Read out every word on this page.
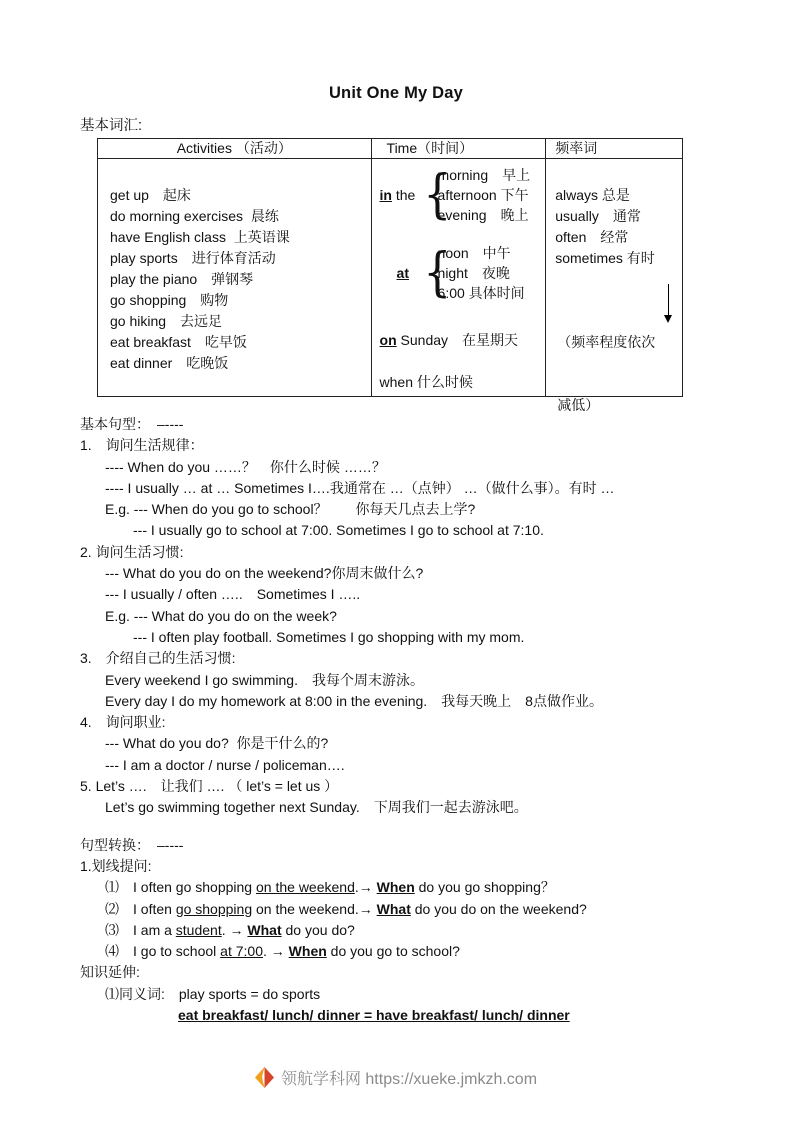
Unit One My Day
基本词汇:
Activities （活动）
get up　起床
do morning exercises  晨练
have English class  上英语课
play sports　进行体育活动
play the piano　弹钢琴
go shopping　购物
go hiking　去远足
eat breakfast　吃早饭
eat dinner　吃晚饭
Time（时间）
in the {
morning　早上
afternoon 下午
evening　晚上
at {
noon　中午
night　夜晚
6:00 具体时间
on Sunday　在星期天
when 什么时候
频率词
always 总是
usually　通常
often　经常
sometimes 有时

（频率程度依次

减低）

基本句型：　–----
1.　询问生活规律：
---- When do you ……？　你什么时候 ……？
---- I usually … at … Sometimes I….我通常在 …（点钟） …（做什么事）。有时 …
E.g. --- When do you go to school？　　你每天几点去上学?
--- I usually go to school at 7:00. Sometimes I go to school at 7:10.
2. 询问生活习惯:
--- What do you do on the weekend?你周末做什么?
--- I usually / often …..　Sometimes I …..
E.g. --- What do you do on the week?
--- I often play football. Sometimes I go shopping with my mom.
3.　介绍自己的生活习惯:
Every weekend I go swimming.　我每个周末游泳。
Every day I do my homework at 8:00 in the evening.　我每天晚上　8点做作业。
4.　询问职业:
--- What do you do?  你是干什么的?
--- I am a doctor / nurse / policeman….
5. Let’s ….　让我们 …. （ let’s = let us ）
Let’s go swimming together next Sunday.　下周我们一起去游泳吧。
句型转换：　–----
1.划线提问:
⑴　I often go shopping on the weekend.→ When do you go shopping？
⑵　I often go shopping on the weekend.→ What do you do on the weekend?
⑶　I am a student. → What do you do?
⑷　I go to school at 7:00. → When do you go to school?
知识延伸:
⑴同义词:　play sports = do sports
eat breakfast/ lunch/ dinner = have breakfast/ lunch/ dinner
领航学科网 https://xueke.jmkzh.com
